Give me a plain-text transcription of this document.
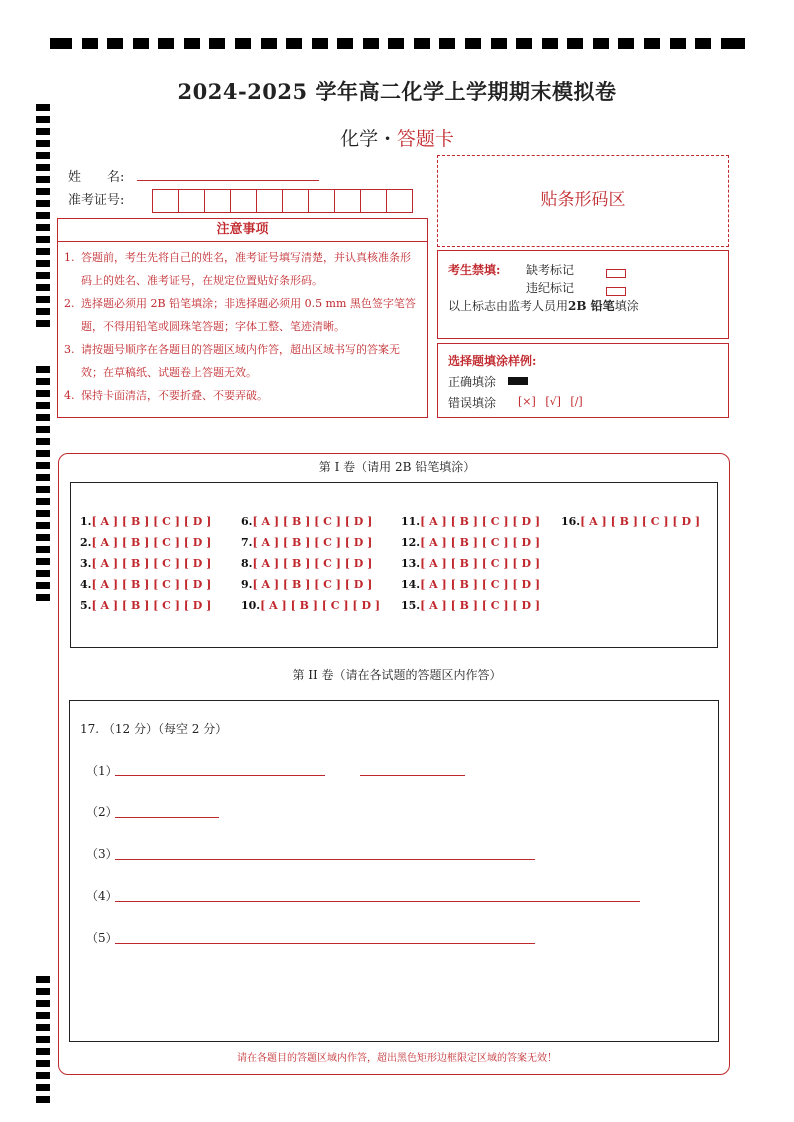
2024-2025 学年高二化学上学期期末模拟卷
化学 · 答题卡
姓　　名:
准考证号:	贴条形码区
注意事项
1. 答题前，考生先将自己的姓名，准考证号填写清楚，并认真核准条形码上的姓名、准考证号，在规定位置贴好条形码。
2. 选择题必须用 2B 铅笔填涂；非选择题必须用 0.5 mm 黑色签字笔答题，不得用铅笔或圆珠笔答题；字体工整、笔迹清晰。
3. 请按题号顺序在各题目的答题区域内作答，超出区域书写的答案无效；在草稿纸、试题卷上答题无效。
4. 保持卡面清洁，不要折叠、不要弄破。
考生禁填: 缺考标记
违纪标记
以上标志由监考人员用2B 铅笔填涂
选择题填涂样例:
正确填涂
错误填涂 [×] [√] [/]
第 I 卷（请用 2B 铅笔填涂）
1.[ A ] [ B ] [ C ] [ D ]
2.[ A ] [ B ] [ C ] [ D ]
3.[ A ] [ B ] [ C ] [ D ]
4.[ A ] [ B ] [ C ] [ D ]
5.[ A ] [ B ] [ C ] [ D ]
6.[ A ] [ B ] [ C ] [ D ]
7.[ A ] [ B ] [ C ] [ D ]
8.[ A ] [ B ] [ C ] [ D ]
9.[ A ] [ B ] [ C ] [ D ]
10.[ A ] [ B ] [ C ] [ D ]
11.[ A ] [ B ] [ C ] [ D ]
12.[ A ] [ B ] [ C ] [ D ]
13.[ A ] [ B ] [ C ] [ D ]
14.[ A ] [ B ] [ C ] [ D ]
15.[ A ] [ B ] [ C ] [ D ]
16.[ A ] [ B ] [ C ] [ D ]
第 II 卷（请在各试题的答题区内作答）
17. （12 分）（每空 2 分）
（1）
（2）
（3）
（4）
（5）
请在各题目的答题区域内作答，超出黑色矩形边框限定区域的答案无效！
